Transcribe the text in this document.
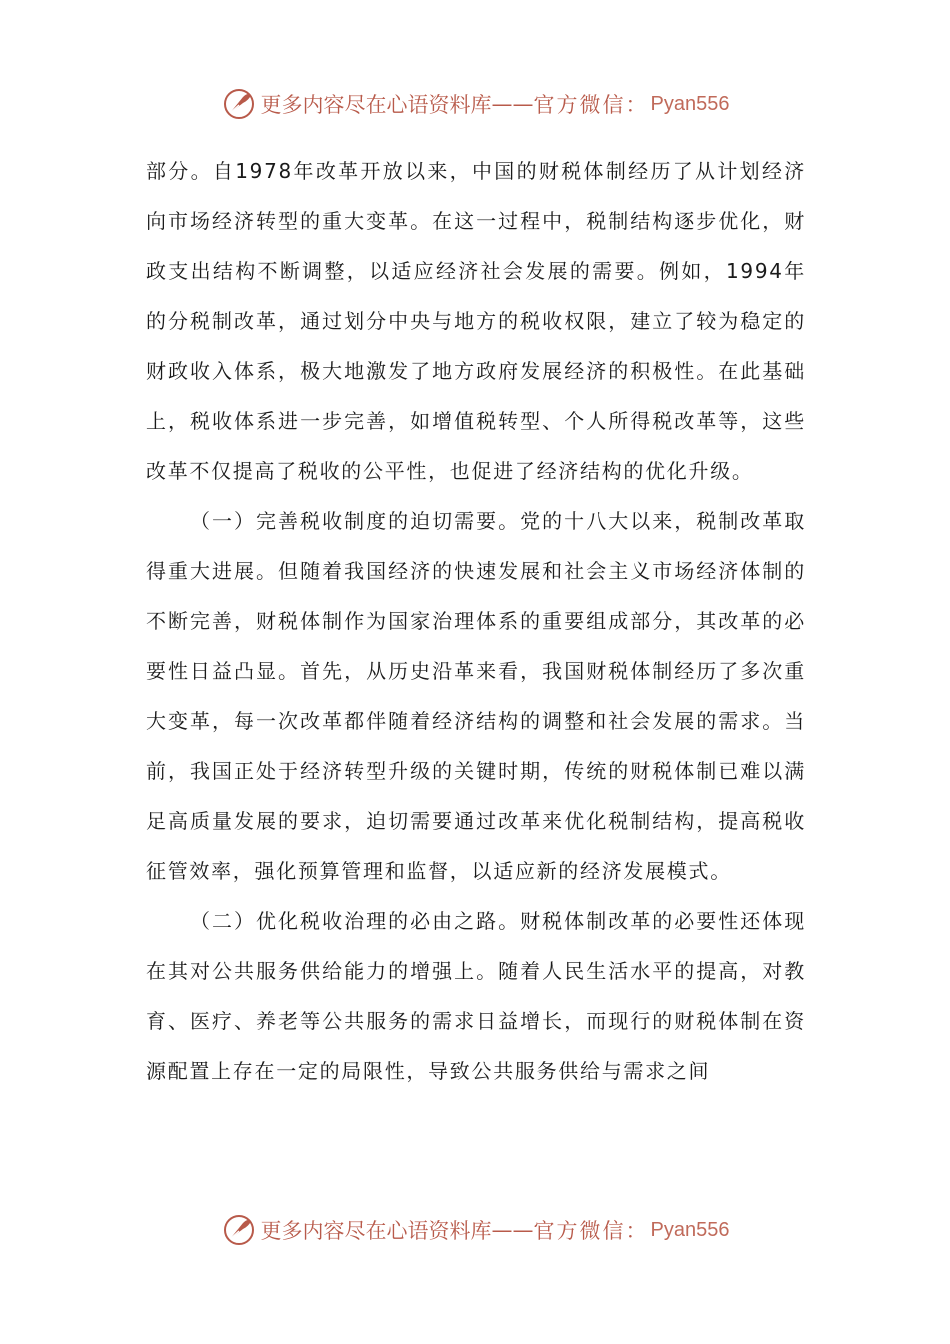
更多内容尽在心语资料库 —— 官方微信： Pyan556

部分。自1978年改革开放以来，中国的财税体制经历了从计划经济向市场经济转型的重大变革。在这一过程中，税制结构逐步优化，财政支出结构不断调整，以适应经济社会发展的需要。例如，1994年的分税制改革，通过划分中央与地方的税收权限，建立了较为稳定的财政收入体系，极大地激发了地方政府发展经济的积极性。在此基础上，税收体系进一步完善，如增值税转型、个人所得税改革等，这些改革不仅提高了税收的公平性，也促进了经济结构的优化升级。

（一）完善税收制度的迫切需要。党的十八大以来，税制改革取得重大进展。但随着我国经济的快速发展和社会主义市场经济体制的不断完善，财税体制作为国家治理体系的重要组成部分，其改革的必要性日益凸显。首先，从历史沿革来看，我国财税体制经历了多次重大变革，每一次改革都伴随着经济结构的调整和社会发展的需求。当前，我国正处于经济转型升级的关键时期，传统的财税体制已难以满足高质量发展的要求，迫切需要通过改革来优化税制结构，提高税收征管效率，强化预算管理和监督，以适应新的经济发展模式。

（二）优化税收治理的必由之路。财税体制改革的必要性还体现在其对公共服务供给能力的增强上。随着人民生活水平的提高，对教育、医疗、养老等公共服务的需求日益增长，而现行的财税体制在资源配置上存在一定的局限性，导致公共服务供给与需求之间

更多内容尽在心语资料库 —— 官方微信： Pyan556
